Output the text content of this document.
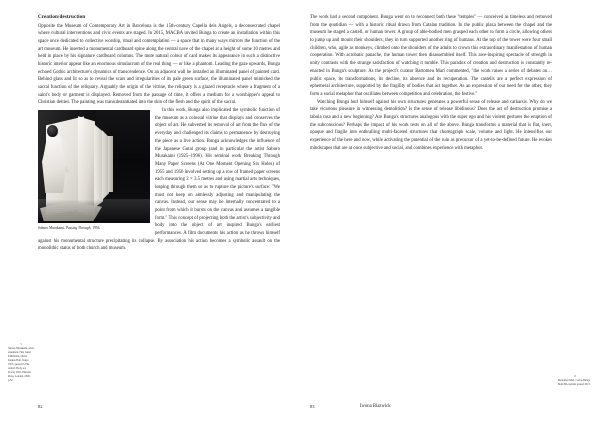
Creation/destruction

Opposite the Museum of Contemporary Art in Barcelona is the 15th-century Capella dels Angels, a deconsecrated chapel where cultural interventions and civic events are staged. In 2015, MACBA invited Bunga to create an installation within this space once dedicated to collective worship, ritual and contemplation — a space that in many ways mirrors the function of the art museum. He inserted a monumental cardboard spine along the central nave of the chapel at a height of some 10 metres and held in place by his signature cardboard columns. The mute natural colour of card makes its appearance in such a distinctive historic interior appear like an enormous simulacrum of the real thing — or like a phantom. Leading the gaze upwards, Bunga echoed Gothic architecture's dynamics of transcendence. On an adjacent wall he installed an illuminated panel of painted card. Behind glass and lit so as to reveal the scars and irregularities of its pale green surface, the illuminated panel mimicked the sacral function of the reliquary. Arguably the origin of the vitrine, the reliquary is a glazed receptacle where a fragment of a saint's body or garment is displayed. Removed from the passage of time, it offers a medium for a worshipper's appeal to Christian deities. The painting was transubstantiated into the skin of the flesh and the spirit of the sacral.

Saburo Murakami, Passing Through, 1956.

In this work, Bunga also implicated the symbolic function of the museum as a colossal vitrine that displays and conserves the object of art. He subverted its removal of art from the flux of the everyday and challenged its claims to permanence by destroying the piece as a live action. Bunga acknowledges the influence of the Japanese Gutai group (and in particular the artist Saburo Murakami (1925–1996). His seminal work Breaking Through Many Paper Screens (At One Moment Opening Six Holes) of 1955 and 1956 involved setting up a row of framed paper screens each measuring 2 × 3.5 metres and using martial arts techniques, leaping through them so as to rupture the picture's surface: "We must not keep on aimlessly adjusting and manipulating the canvas. Instead, our sense may be internally concentrated to a point from which it bursts on the canvas and assumes a tangible form." This concept of projecting both the artist's subjectivity and body into the object of art inspired Bunga's earliest performances. A film documents his action as he throws himself against his monumental structure precipitating its collapse. By association his action becomes a symbolic assault on the monolithic status of both church and museum.

5
Saburo Murakami, artist statement, First Gutai Exhibition, Ohara Kaikan Hall, Tokyo 1955, quoted in The Artist's Body, ed. Tracey Warr, Phaidon Press, London, 2000, p.52.
82

The work had a second component. Bunga went on to reconnect both these "temples" — conceived as timeless and removed from the quotidian — with a historic ritual drawn from Catalan tradition. In the public plaza between the chapel and the museum he staged a castell, or human tower. A group of able-bodied men grasped each other to form a circle, allowing others to jump up and mount their shoulders; they in turn supported another ring of humans. At the top of the tower were four small children, who, agile as monkeys, climbed onto the shoulders of the adults to crown this extraordinary manifestation of human cooperation. With acrobatic panache, the human tower then disassembled itself. This awe-inspiring spectacle of strength in unity contrasts with the strange satisfaction of watching it tumble. This paradox of creation and destruction is constantly re-enacted in Bunga's sculpture. As the project's curator Bartomeu Marí commented, "the work raises a series of debates on… public space, its transformations, its decline, its absence and its recuperation. The castells are a perfect expression of ephemeral architecture, supported by the fragility of bodies that act together. As an expression of our need for the other, they form a social metaphor that oscillates between competition and celebration, the festive."

Watching Bunga hurl himself against his own structures generates a powerful sense of release and catharsis. Why do we take vicarious pleasure in witnessing demolition? Is the sense of release libidinous? Does the act of destruction promise a tabula rasa and a new beginning? Are Bunga's structures analogous with the super ego and his violent gestures the eruption of the subconscious? Perhaps the impact of his work rests on all of the above. Bunga transforms a material that is flat, inert, opaque and fragile into enthralling multi-faceted structures that choreograph scale, volume and light. He intensifies our experience of the here and now, while activating the potential of the ruin as precursor of a yet-to-be-defined future. He evokes mindscapes that are at once subjective and social, and combines experience with metaphor.

6
Bartomeu Marí, Carlos Bunga, MACBA website posted 2015.
83	Iwona Blazwick
